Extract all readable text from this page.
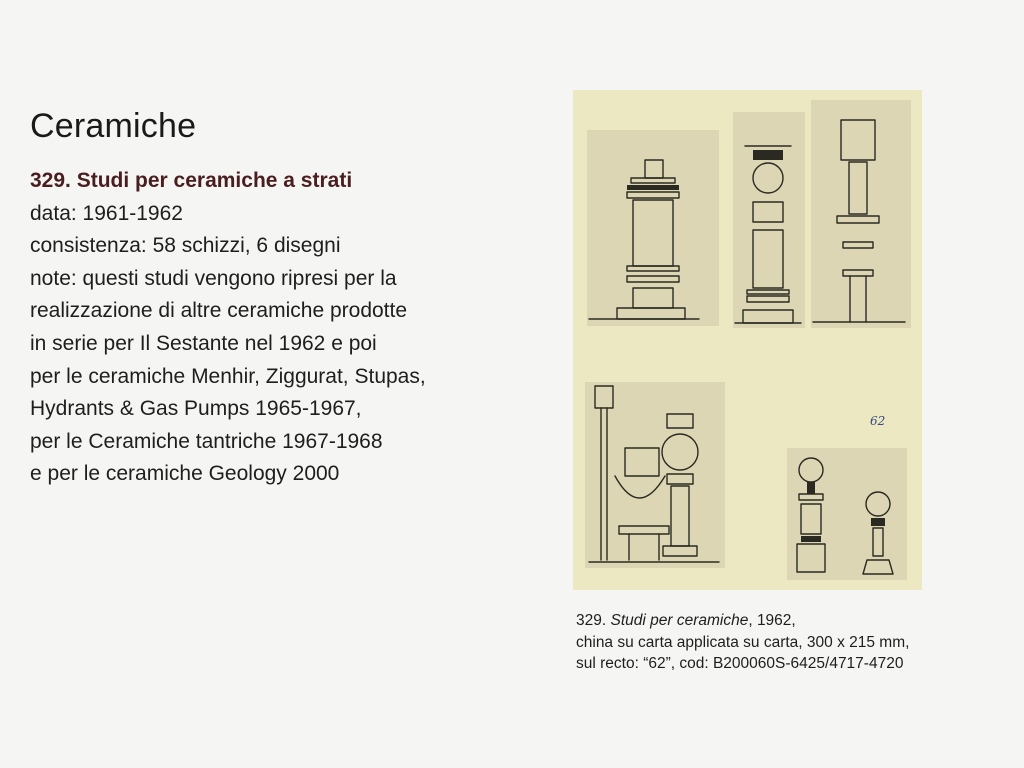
Ceramiche
329. Studi per ceramiche a strati
data: 1961-1962
consistenza: 58 schizzi, 6 disegni
note: questi studi vengono ripresi per la
realizzazione di altre ceramiche prodotte
in serie per Il Sestante nel 1962 e poi
per le ceramiche Menhir, Ziggurat, Stupas,
Hydrants & Gas Pumps 1965-1967,
per le Ceramiche tantriche 1967-1968
e per le ceramiche Geology 2000
62
329. Studi per ceramiche, 1962,
china su carta applicata su carta, 300 x 215 mm,
sul recto: “62”, cod: B200060S-6425/4717-4720
